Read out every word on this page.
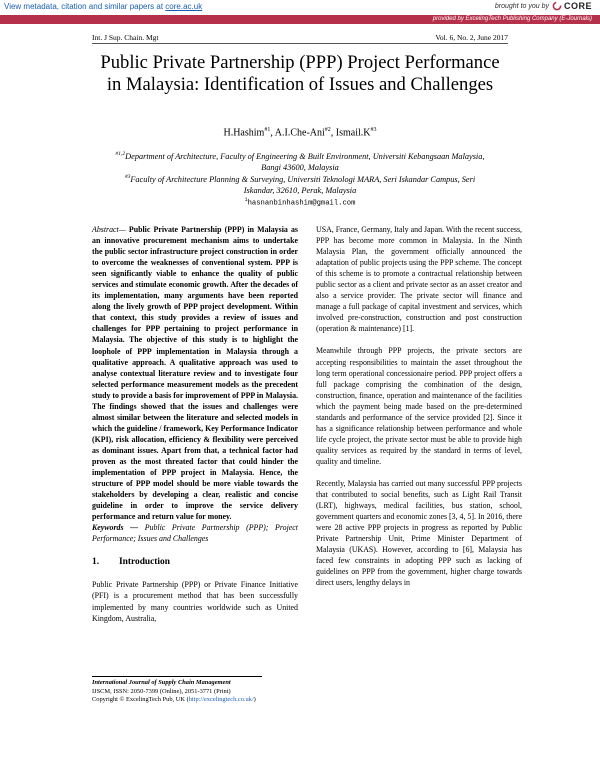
View metadata, citation and similar papers at core.ac.uk	brought to you by CORE
provided by ExcelingTech Publishing Company (E-Journals)
Int. J Sup. Chain. Mgt	Vol. 6, No. 2, June 2017
Public Private Partnership (PPP) Project Performance in Malaysia: Identification of Issues and Challenges
H.Hashim$^{\#1}$, A.I.Che-Ani$^{\#2}$, $Ismail.K^{\#3}$
$^{\#1,2}$Department of Architecture, Faculty of Engineering & Built Environment, Universiti Kebangsaan Malaysia,
Bangi 43600, Malaysia
$^{\#3}$Faculty of Architecture Planning & Surveying, Universiti Teknologi MARA, Seri Iskandar Campus, Seri
Iskandar, 32610, Perak, Malaysia
$^1$hasnanbinhashim@gmail.com

Abstract— Public Private Partnership (PPP) in Malaysia as an innovative procurement mechanism aims to undertake the public sector infrastructure project construction in order to overcome the weaknesses of conventional system. PPP is seen significantly viable to enhance the quality of public services and stimulate economic growth. After the decades of its implementation, many arguments have been reported along the lively growth of PPP project development. Within that context, this study provides a review of issues and challenges for PPP pertaining to project performance in Malaysia. The objective of this study is to highlight the loophole of PPP implementation in Malaysia through a qualitative approach. A qualitative approach was used to analyse contextual literature review and to investigate four selected performance measurement models as the precedent study to provide a basis for improvement of PPP in Malaysia. The findings showed that the issues and challenges were almost similar between the literature and selected models in which the guideline / framework, Key Performance Indicator (KPI), risk allocation, efficiency & flexibility were perceived as dominant issues. Apart from that, a technical factor had proven as the most threated factor that could hinder the implementation of PPP project in Malaysia. Hence, the structure of PPP model should be more viable towards the stakeholders by developing a clear, realistic and concise guideline in order to improve the service delivery performance and return value for money.

Keywords — Public Private Partnership (PPP); Project Performance; Issues and Challenges

1. Introduction

Public Private Partnership (PPP) or Private Finance Initiative (PFI) is a procurement method that has been successfully implemented by many countries worldwide such as United Kingdom, Australia,

USA, France, Germany, Italy and Japan. With the recent success, PPP has become more common in Malaysia. In the Ninth Malaysia Plan, the government officially announced the adaptation of public projects using the PPP scheme. The concept of this scheme is to promote a contractual relationship between public sector as a client and private sector as an asset creator and also a service provider. The private sector will finance and manage a full package of capital investment and services, which involved pre-construction, construction and post construction (operation & maintenance) [1].

Meanwhile through PPP projects, the private sectors are accepting responsibilities to maintain the asset throughout the long term operational concessionaire period. PPP project offers a full package comprising the combination of the design, construction, finance, operation and maintenance of the facilities which the payment being made based on the pre-determined standards and performance of the service provided [2]. Since it has a significance relationship between performance and whole life cycle project, the private sector must be able to provide high quality services as required by the standard in terms of level, quality and timeline.

Recently, Malaysia has carried out many successful PPP projects that contributed to social benefits, such as Light Rail Transit (LRT), highways, medical facilities, bus station, school, government quarters and economic zones [3, 4, 5]. In 2016, there were 28 active PPP projects in progress as reported by Public Private Partnership Unit, Prime Minister Department of Malaysia (UKAS). However, according to [6], Malaysia has faced few constraints in adopting PPP such as lacking of guidelines on PPP from the government, higher charge towards direct users, lengthy delays in

International Journal of Supply Chain Management
IJSCM, ISSN: 2050-7399 (Online), 2051-3771 (Print)
Copyright © ExcelingTech Pub, UK (http://excelingtech.co.uk/)
